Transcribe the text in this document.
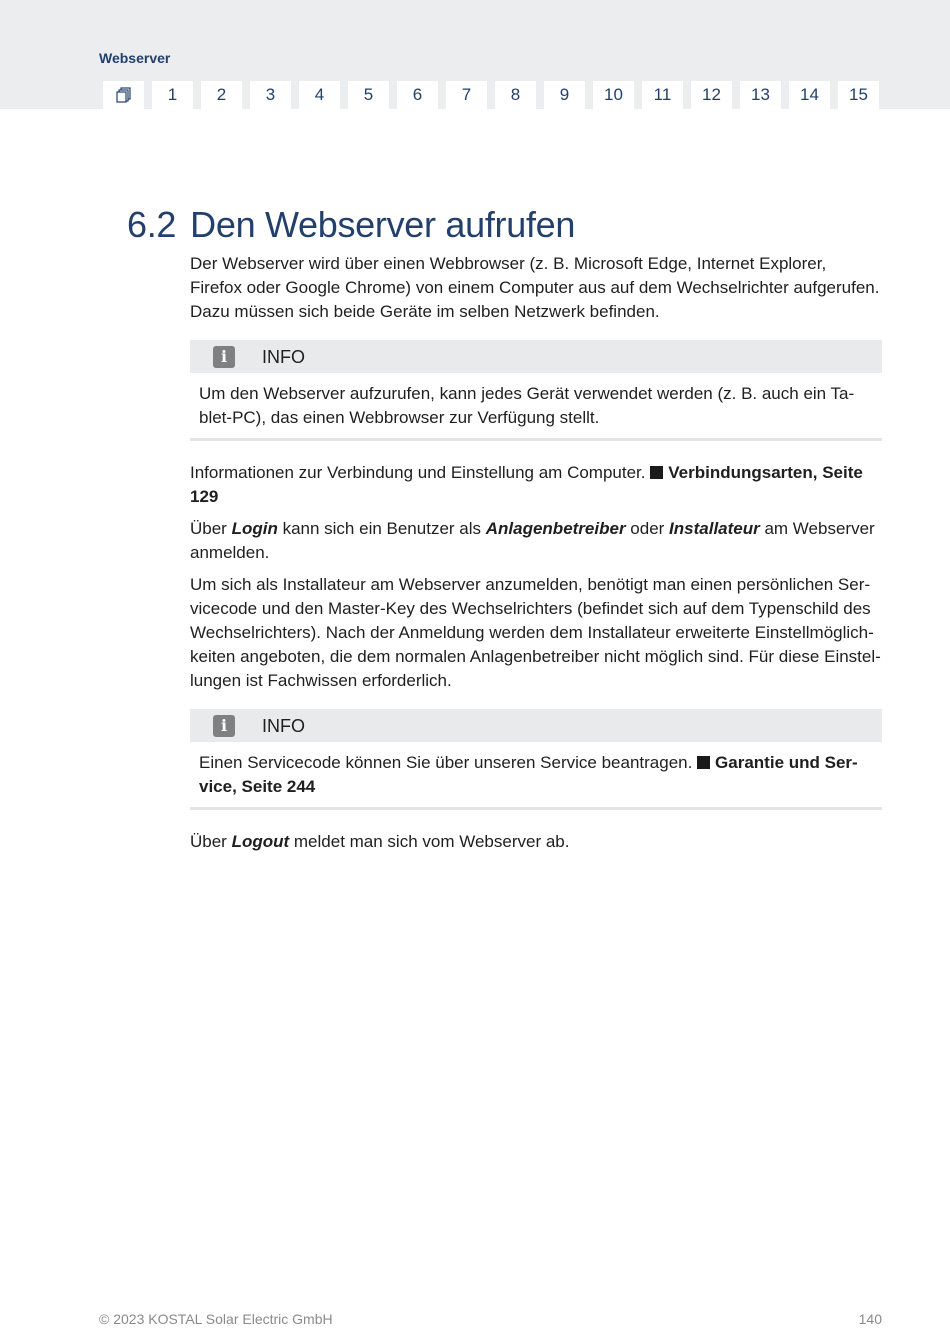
Webserver
1	2	3	4	5	6	7	8	9	10	11	12	13	14	15
6.2 Den Webserver aufrufen

Der Webserver wird über einen Webbrowser (z. B. Microsoft Edge, Internet Explorer, Firefox oder Google Chrome) von einem Computer aus auf dem Wechselrichter aufgerufen. Dazu müssen sich beide Geräte im selben Netzwerk befinden.

i	INFO
Um den Webserver aufzurufen, kann jedes Gerät verwendet werden (z. B. auch ein Tablet-PC), das einen Webbrowser zur Verfügung stellt.

Informationen zur Verbindung und Einstellung am Computer. Verbindungsarten, Seite 129

Über Login kann sich ein Benutzer als Anlagenbetreiber oder Installateur am Webserver anmelden.

Um sich als Installateur am Webserver anzumelden, benötigt man einen persönlichen Servicecode und den Master-Key des Wechselrichters (befindet sich auf dem Typenschild des Wechselrichters). Nach der Anmeldung werden dem Installateur erweiterte Einstellmöglichkeiten angeboten, die dem normalen Anlagenbetreiber nicht möglich sind. Für diese Einstellungen ist Fachwissen erforderlich.

i	INFO
Einen Servicecode können Sie über unseren Service beantragen. Garantie und Service, Seite 244

Über Logout meldet man sich vom Webserver ab.

© 2023 KOSTAL Solar Electric GmbH	140
